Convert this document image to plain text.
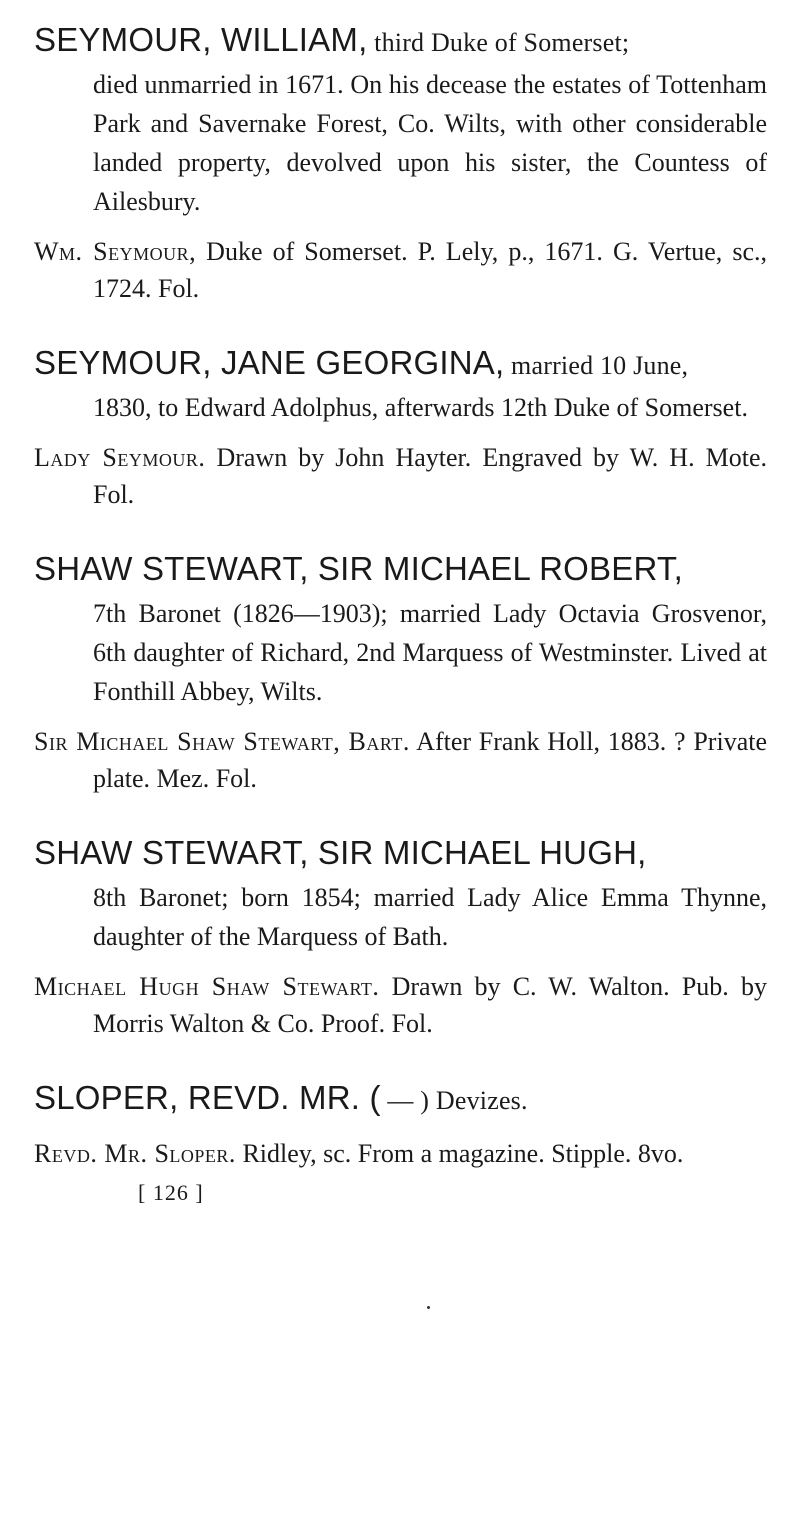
SEYMOUR, WILLIAM, third Duke of Somerset;

died unmarried in 1671. On his decease the estates of Tottenham Park and Savernake Forest, Co. Wilts, with other considerable landed property, devolved upon his sister, the Countess of Ailesbury.

Wm. Seymour, Duke of Somerset. P. Lely, p., 1671. G. Vertue, sc., 1724. Fol.

SEYMOUR, JANE GEORGINA, married 10 June,

1830, to Edward Adolphus, afterwards 12th Duke of Somerset.

Lady Seymour. Drawn by John Hayter. Engraved by W. H. Mote. Fol.

SHAW STEWART, SIR MICHAEL ROBERT,

7th Baronet (1826—1903); married Lady Octavia Grosvenor, 6th daughter of Richard, 2nd Marquess of Westminster. Lived at Fonthill Abbey, Wilts.

Sir Michael Shaw Stewart, Bart. After Frank Holl, 1883. ? Private plate. Mez. Fol.

SHAW STEWART, SIR MICHAEL HUGH,

8th Baronet; born 1854; married Lady Alice Emma Thynne, daughter of the Marquess of Bath.

Michael Hugh Shaw Stewart. Drawn by C. W. Walton. Pub. by Morris Walton & Co. Proof. Fol.

SLOPER, REVD. MR. ( — ) Devizes.

Revd. Mr. Sloper. Ridley, sc. From a magazine. Stipple. 8vo.

[ 126 ]
